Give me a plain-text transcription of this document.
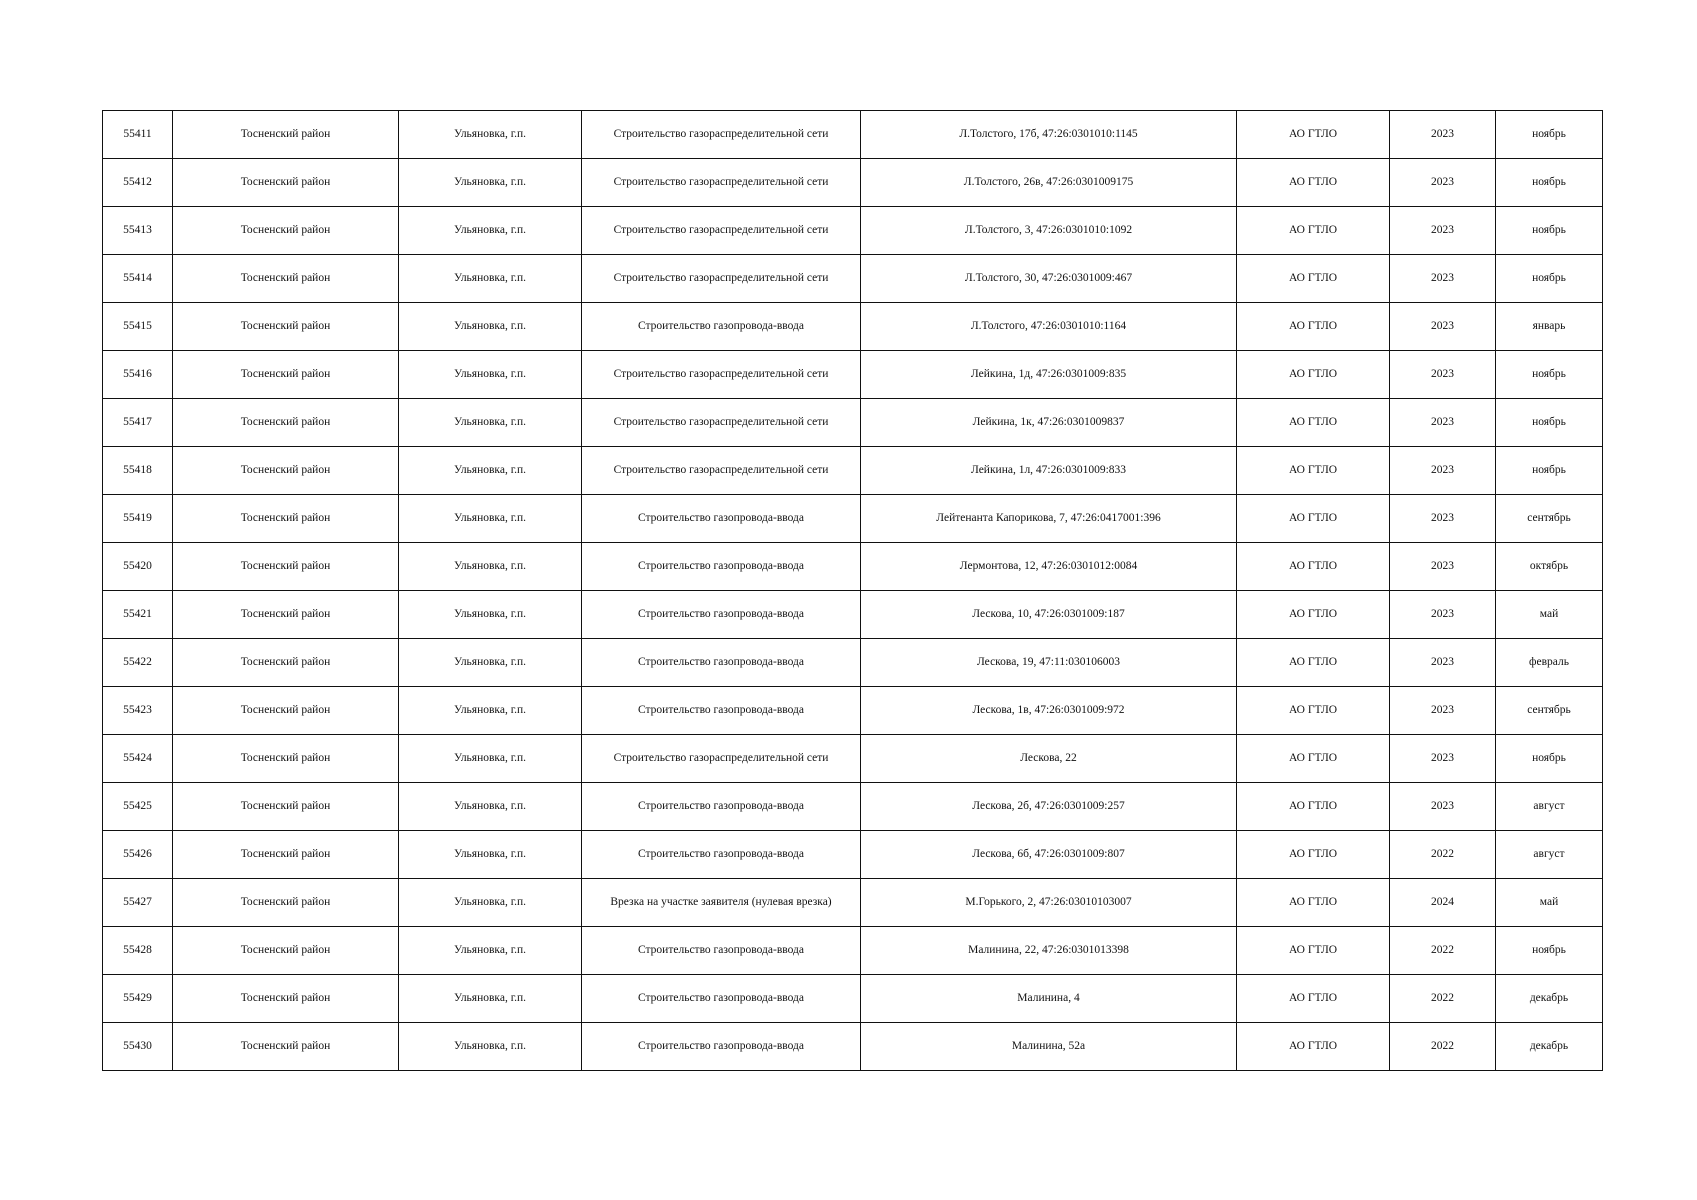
55411	Тосненский район	Ульяновка, г.п.	Строительство газораспределительной сети	Л.Толстого, 17б, 47:26:0301010:1145	АО ГТЛО	2023	ноябрь
55412	Тосненский район	Ульяновка, г.п.	Строительство газораспределительной сети	Л.Толстого, 26в, 47:26:0301009175	АО ГТЛО	2023	ноябрь
55413	Тосненский район	Ульяновка, г.п.	Строительство газораспределительной сети	Л.Толстого, 3, 47:26:0301010:1092	АО ГТЛО	2023	ноябрь
55414	Тосненский район	Ульяновка, г.п.	Строительство газораспределительной сети	Л.Толстого, 30, 47:26:0301009:467	АО ГТЛО	2023	ноябрь
55415	Тосненский район	Ульяновка, г.п.	Строительство газопровода-ввода	Л.Толстого, 47:26:0301010:1164	АО ГТЛО	2023	январь
55416	Тосненский район	Ульяновка, г.п.	Строительство газораспределительной сети	Лейкина, 1д, 47:26:0301009:835	АО ГТЛО	2023	ноябрь
55417	Тосненский район	Ульяновка, г.п.	Строительство газораспределительной сети	Лейкина, 1к, 47:26:0301009837	АО ГТЛО	2023	ноябрь
55418	Тосненский район	Ульяновка, г.п.	Строительство газораспределительной сети	Лейкина, 1л, 47:26:0301009:833	АО ГТЛО	2023	ноябрь
55419	Тосненский район	Ульяновка, г.п.	Строительство газопровода-ввода	Лейтенанта Капорикова, 7, 47:26:0417001:396	АО ГТЛО	2023	сентябрь
55420	Тосненский район	Ульяновка, г.п.	Строительство газопровода-ввода	Лермонтова, 12, 47:26:0301012:0084	АО ГТЛО	2023	октябрь
55421	Тосненский район	Ульяновка, г.п.	Строительство газопровода-ввода	Лескова, 10, 47:26:0301009:187	АО ГТЛО	2023	май
55422	Тосненский район	Ульяновка, г.п.	Строительство газопровода-ввода	Лескова, 19, 47:11:030106003	АО ГТЛО	2023	февраль
55423	Тосненский район	Ульяновка, г.п.	Строительство газопровода-ввода	Лескова, 1в, 47:26:0301009:972	АО ГТЛО	2023	сентябрь
55424	Тосненский район	Ульяновка, г.п.	Строительство газораспределительной сети	Лескова, 22	АО ГТЛО	2023	ноябрь
55425	Тосненский район	Ульяновка, г.п.	Строительство газопровода-ввода	Лескова, 2б, 47:26:0301009:257	АО ГТЛО	2023	август
55426	Тосненский район	Ульяновка, г.п.	Строительство газопровода-ввода	Лескова, 6б, 47:26:0301009:807	АО ГТЛО	2022	август
55427	Тосненский район	Ульяновка, г.п.	Врезка на участке заявителя (нулевая врезка)	М.Горького, 2, 47:26:03010103007	АО ГТЛО	2024	май
55428	Тосненский район	Ульяновка, г.п.	Строительство газопровода-ввода	Малинина, 22, 47:26:0301013398	АО ГТЛО	2022	ноябрь
55429	Тосненский район	Ульяновка, г.п.	Строительство газопровода-ввода	Малинина, 4	АО ГТЛО	2022	декабрь
55430	Тосненский район	Ульяновка, г.п.	Строительство газопровода-ввода	Малинина, 52а	АО ГТЛО	2022	декабрь
